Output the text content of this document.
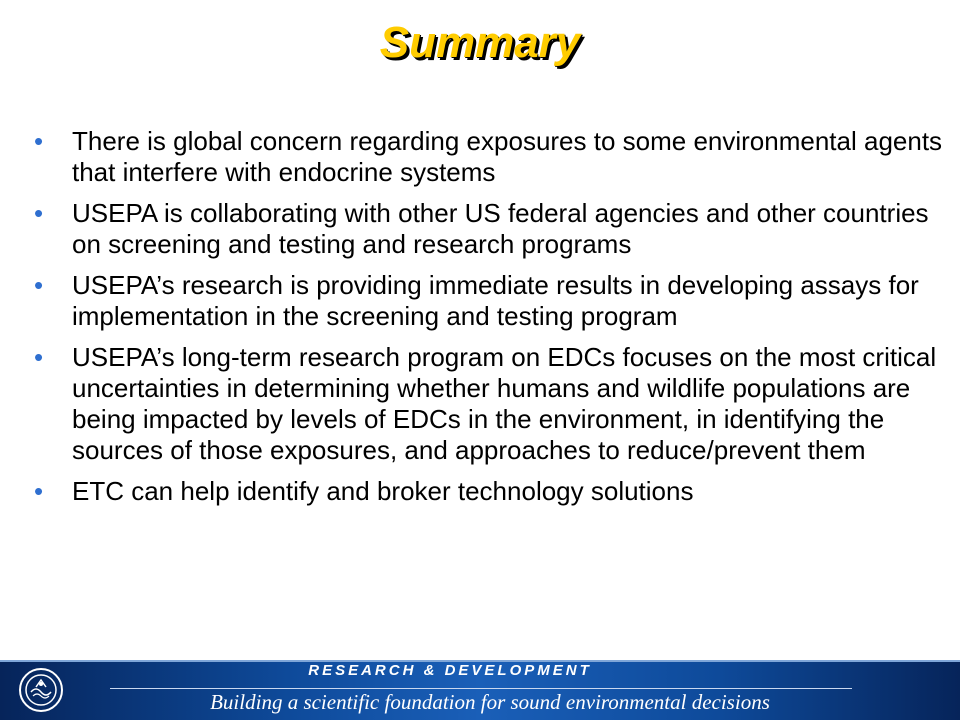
Summary
• There is global concern regarding exposures to some environmental agents that interfere with endocrine systems
• USEPA is collaborating with other US federal agencies and other countries on screening and testing and research programs
• USEPA’s research is providing immediate results in developing assays for implementation in the screening and testing program
• USEPA’s long-term research program on EDCs focuses on the most critical uncertainties in determining whether humans and wildlife populations are being impacted by levels of EDCs in the environment, in identifying the sources of those exposures, and approaches to reduce/prevent them
• ETC can help identify and broker technology solutions
RESEARCH & DEVELOPMENT
Building a scientific foundation for sound environmental decisions
